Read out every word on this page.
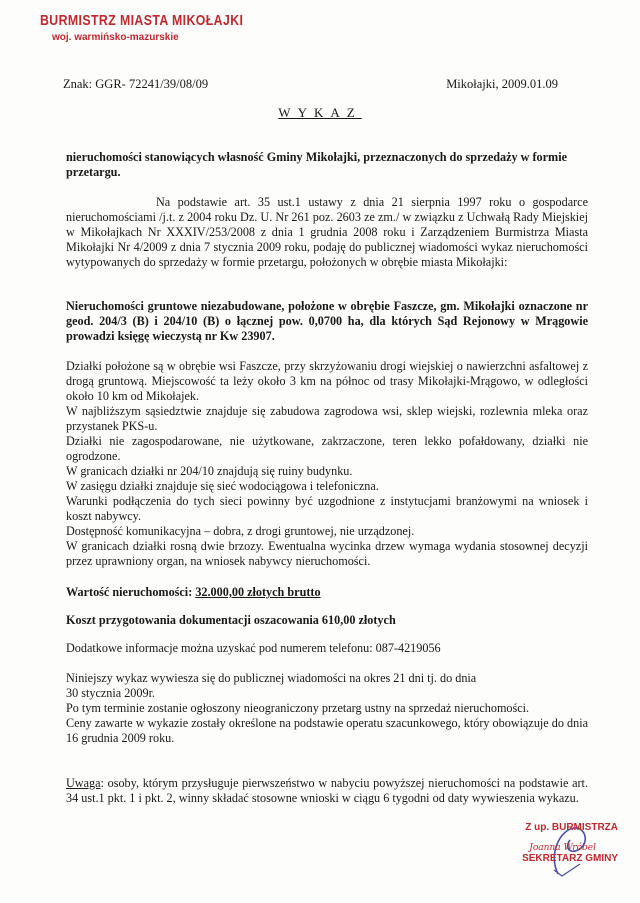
BURMISTRZ MIASTA MIKOŁAJKI
woj. warmińsko-mazurskie
Znak: GGR- 72241/39/08/09	Mikołajki, 2009.01.09
WYKAZ
nieruchomości stanowiących własność Gminy Mikołajki, przeznaczonych do sprzedaży w formie przetargu.
Na podstawie art. 35 ust.1 ustawy z dnia 21 sierpnia 1997 roku o gospodarce nieruchomościami /j.t. z 2004 roku Dz. U. Nr 261 poz. 2603 ze zm./ w związku z Uchwałą Rady Miejskiej w Mikołajkach Nr XXXIV/253/2008 z dnia 1 grudnia 2008 roku i Zarządzeniem Burmistrza Miasta Mikołajki Nr 4/2009 z dnia 7 stycznia 2009 roku, podaję do publicznej wiadomości wykaz nieruchomości wytypowanych do sprzedaży w formie przetargu, położonych w obrębie miasta Mikołajki:
Nieruchomości gruntowe niezabudowane, położone w obrębie Faszcze, gm. Mikołajki oznaczone nr geod. 204/3 (B) i 204/10 (B) o łącznej pow. 0,0700 ha, dla których Sąd Rejonowy w Mrągowie prowadzi księgę wieczystą nr Kw 23907.
Działki położone są w obrębie wsi Faszcze, przy skrzyżowaniu drogi wiejskiej o nawierzchni asfaltowej z drogą gruntową. Miejscowość ta leży około 3 km na północ od trasy Mikołajki-Mrągowo, w odległości około 10 km od Mikołajek.
W najbliższym sąsiedztwie znajduje się zabudowa zagrodowa wsi, sklep wiejski, rozlewnia mleka oraz przystanek PKS-u.
Działki nie zagospodarowane, nie użytkowane, zakrzaczone, teren lekko pofałdowany, działki nie ogrodzone.
W granicach działki nr 204/10 znajdują się ruiny budynku.
W zasięgu działki znajduje się sieć wodociągowa i telefoniczna.
Warunki podłączenia do tych sieci powinny być uzgodnione z instytucjami branżowymi na wniosek i koszt nabywcy.
Dostępność komunikacyjna – dobra, z drogi gruntowej, nie urządzonej.
W granicach działki rosną dwie brzozy. Ewentualna wycinka drzew wymaga wydania stosownej decyzji przez uprawniony organ, na wniosek nabywcy nieruchomości.
Wartość nieruchomości: 32.000,00 złotych brutto
Koszt przygotowania dokumentacji oszacowania 610,00 złotych
Dodatkowe informacje można uzyskać pod numerem telefonu: 087-4219056
Niniejszy wykaz wywiesza się do publicznej wiadomości na okres 21 dni tj. do dnia
30 stycznia 2009r.
Po tym terminie zostanie ogłoszony nieograniczony przetarg ustny na sprzedaż nieruchomości.
Ceny zawarte w wykazie zostały określone na podstawie operatu szacunkowego, który obowiązuje do dnia 16 grudnia 2009 roku.
Uwaga: osoby, którym przysługuje pierwszeństwo w nabyciu powyższej nieruchomości na podstawie art. 34 ust.1 pkt. 1 i pkt. 2, winny składać stosowne wnioski w ciągu 6 tygodni od daty wywieszenia wykazu.
Z up. BURMISTRZA
Joanna Wróbel
SEKRETARZ GMINY
